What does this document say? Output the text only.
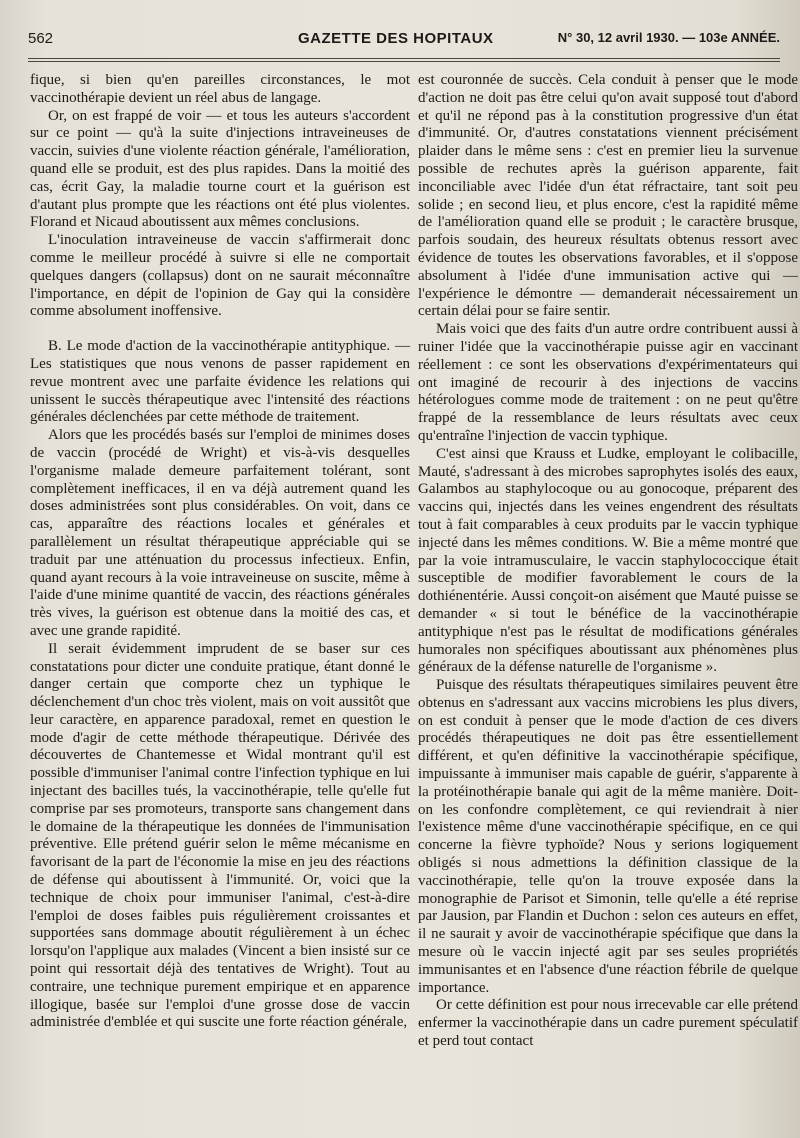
562	GAZETTE DES HOPITAUX	N° 30, 12 avril 1930. — 103e ANNÉE.

fique, si bien qu'en pareilles circonstances, le mot vaccinothérapie devient un réel abus de langage.

Or, on est frappé de voir — et tous les auteurs s'accordent sur ce point — qu'à la suite d'injections intraveineuses de vaccin, suivies d'une violente réaction générale, l'amélioration, quand elle se produit, est des plus rapides. Dans la moitié des cas, écrit Gay, la maladie tourne court et la guérison est d'autant plus prompte que les réactions ont été plus violentes. Florand et Nicaud aboutissent aux mêmes conclusions.

L'inoculation intraveineuse de vaccin s'affirmerait donc comme le meilleur procédé à suivre si elle ne comportait quelques dangers (collapsus) dont on ne saurait méconnaître l'importance, en dépit de l'opinion de Gay qui la considère comme absolument inoffensive.

B. Le mode d'action de la vaccinothérapie antityphique. — Les statistiques que nous venons de passer rapidement en revue montrent avec une parfaite évidence les relations qui unissent le succès thérapeutique avec l'intensité des réactions générales déclenchées par cette méthode de traitement.

Alors que les procédés basés sur l'emploi de minimes doses de vaccin (procédé de Wright) et vis-à-vis desquelles l'organisme malade demeure parfaitement tolérant, sont complètement inefficaces, il en va déjà autrement quand les doses administrées sont plus considérables. On voit, dans ce cas, apparaître des réactions locales et générales et parallèlement un résultat thérapeutique appréciable qui se traduit par une atténuation du processus infectieux. Enfin, quand ayant recours à la voie intraveineuse on suscite, même à l'aide d'une minime quantité de vaccin, des réactions générales très vives, la guérison est obtenue dans la moitié des cas, et avec une grande rapidité.

Il serait évidemment imprudent de se baser sur ces constatations pour dicter une conduite pratique, étant donné le danger certain que comporte chez un typhique le déclenchement d'un choc très violent, mais on voit aussitôt que leur caractère, en apparence paradoxal, remet en question le mode d'agir de cette méthode thérapeutique. Dérivée des découvertes de Chantemesse et Widal montrant qu'il est possible d'immuniser l'animal contre l'infection typhique en lui injectant des bacilles tués, la vaccinothérapie, telle qu'elle fut comprise par ses promoteurs, transporte sans changement dans le domaine de la thérapeutique les données de l'immunisation préventive. Elle prétend guérir selon le même mécanisme en favorisant de la part de l'économie la mise en jeu des réactions de défense qui aboutissent à l'immunité. Or, voici que la technique de choix pour immuniser l'animal, c'est-à-dire l'emploi de doses faibles puis régulièrement croissantes et supportées sans dommage aboutit régulièrement à un échec lorsqu'on l'applique aux malades (Vincent a bien insisté sur ce point qui ressortait déjà des tentatives de Wright). Tout au contraire, une technique purement empirique et en apparence illogique, basée sur l'emploi d'une grosse dose de vaccin administrée d'emblée et qui suscite une forte réaction générale,

est couronnée de succès. Cela conduit à penser que le mode d'action ne doit pas être celui qu'on avait supposé tout d'abord et qu'il ne répond pas à la constitution progressive d'un état d'immunité. Or, d'autres constatations viennent précisément plaider dans le même sens : c'est en premier lieu la survenue possible de rechutes après la guérison apparente, fait inconciliable avec l'idée d'un état réfractaire, tant soit peu solide ; en second lieu, et plus encore, c'est la rapidité même de l'amélioration quand elle se produit ; le caractère brusque, parfois soudain, des heureux résultats obtenus ressort avec évidence de toutes les observations favorables, et il s'oppose absolument à l'idée d'une immunisation active qui — l'expérience le démontre — demanderait nécessairement un certain délai pour se faire sentir.

Mais voici que des faits d'un autre ordre contribuent aussi à ruiner l'idée que la vaccinothérapie puisse agir en vaccinant réellement : ce sont les observations d'expérimentateurs qui ont imaginé de recourir à des injections de vaccins hétérologues comme mode de traitement : on ne peut qu'être frappé de la ressemblance de leurs résultats avec ceux qu'entraîne l'injection de vaccin typhique.

C'est ainsi que Krauss et Ludke, employant le colibacille, Mauté, s'adressant à des microbes saprophytes isolés des eaux, Galambos au staphylocoque ou au gonocoque, préparent des vaccins qui, injectés dans les veines engendrent des résultats tout à fait comparables à ceux produits par le vaccin typhique injecté dans les mêmes conditions. W. Bie a même montré que par la voie intramusculaire, le vaccin staphylococcique était susceptible de modifier favorablement le cours de la dothiénentérie. Aussi conçoit-on aisément que Mauté puisse se demander « si tout le bénéfice de la vaccinothérapie antityphique n'est pas le résultat de modifications générales humorales non spécifiques aboutissant aux phénomènes plus généraux de la défense naturelle de l'organisme ».

Puisque des résultats thérapeutiques similaires peuvent être obtenus en s'adressant aux vaccins microbiens les plus divers, on est conduit à penser que le mode d'action de ces divers procédés thérapeutiques ne doit pas être essentiellement différent, et qu'en définitive la vaccinothérapie spécifique, impuissante à immuniser mais capable de guérir, s'apparente à la protéinothérapie banale qui agit de la même manière. Doit-on les confondre complètement, ce qui reviendrait à nier l'existence même d'une vaccinothérapie spécifique, en ce qui concerne la fièvre typhoïde? Nous y serions logiquement obligés si nous admettions la définition classique de la vaccinothérapie, telle qu'on la trouve exposée dans la monographie de Parisot et Simonin, telle qu'elle a été reprise par Jausion, par Flandin et Duchon : selon ces auteurs en effet, il ne saurait y avoir de vaccinothérapie spécifique que dans la mesure où le vaccin injecté agit par ses seules propriétés immunisantes et en l'absence d'une réaction fébrile de quelque importance.

Or cette définition est pour nous irrecevable car elle prétend enfermer la vaccinothérapie dans un cadre purement spéculatif et perd tout contact
